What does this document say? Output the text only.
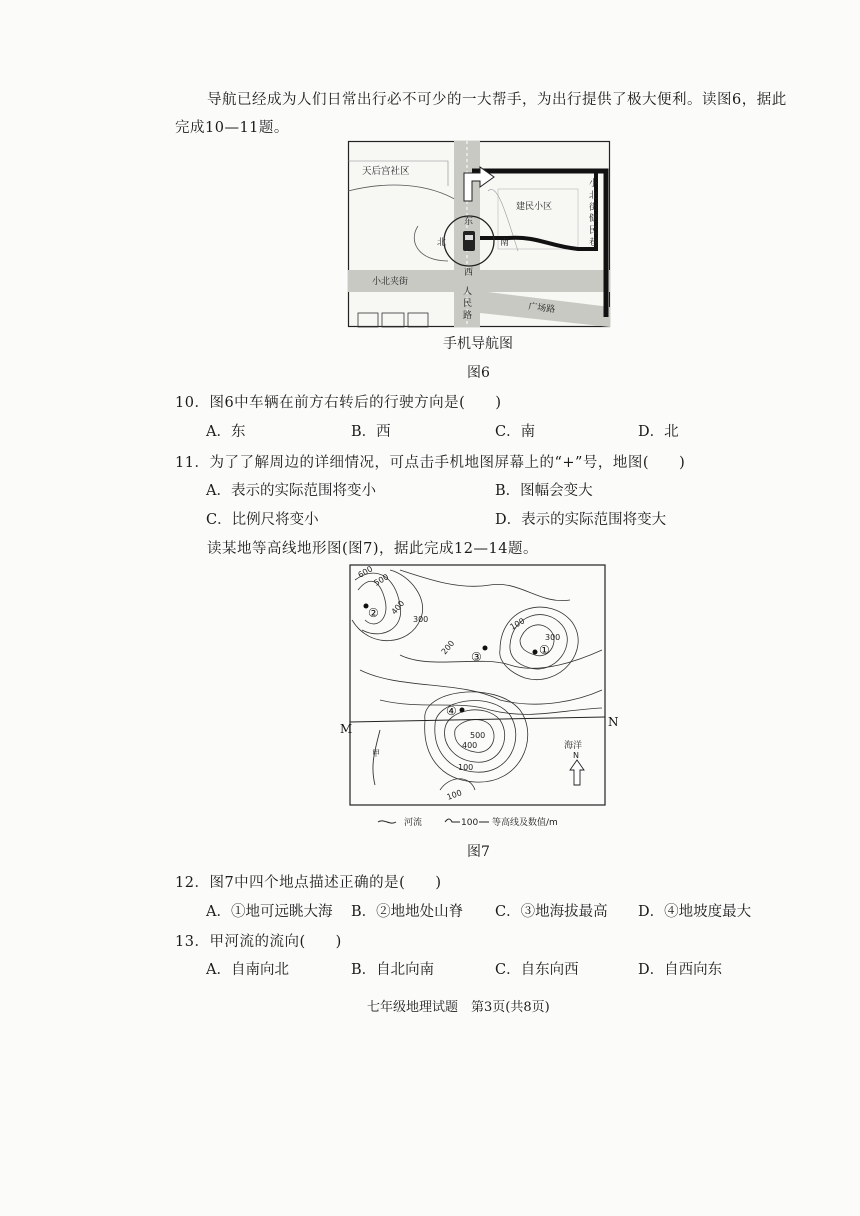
导航已经成为人们日常出行必不可少的一大帮手，为出行提供了极大便利。读图6，据此
完成10—11题。
天后宫社区
建民小区
小
北
街
健
民
巷
东
北	南
西
小北夹街
广场路
人
民
路
手机导航图
图6
10．图6中车辆在前方右转后的行驶方向是(　　)
A．东	B．西	C．南	D．北
11．为了了解周边的详细情况，可点击手机地图屏幕上的“+”号，地图(　　)
A．表示的实际范围将变小	B．图幅会变大
C．比例尺将变小	D．表示的实际范围将变大
读某地等高线地形图(图7)，据此完成12—14题。
600
500
400
300
200
100
300
500
400
100
100
②
③	①
④
M	N
甲
海洋
N
河流	100 等高线及数值/m
图7
12．图7中四个地点描述正确的是(　　)
A．①地可远眺大海 B．②地地处山脊 C．③地海拔最高 D．④地坡度最大
13．甲河流的流向(　　)
A．自南向北	B．自北向南	C．自东向西	D．自西向东
七年级地理试题　第3页(共8页)
